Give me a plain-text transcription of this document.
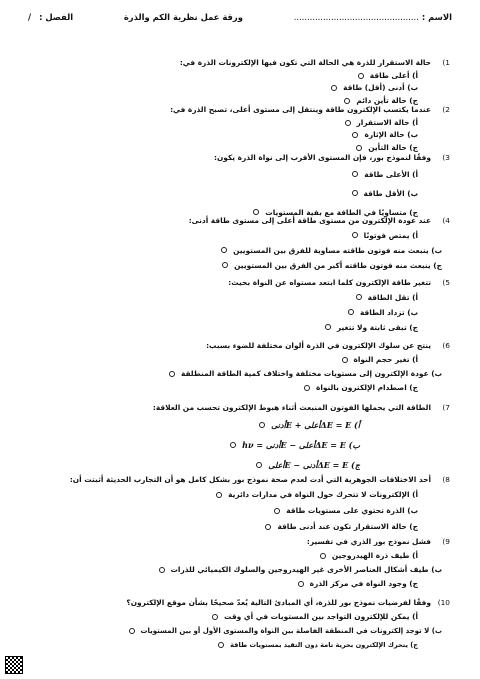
الاسم :
...............................................
ورقة عمل نظرية الكم والذرة
الفصل :
/
(1
حالة الاستقرار للذرة هي الحالة التي تكون فيها الإلكترونات الذرة في:
أ) أعلى طاقة
ب) أدنى (أقل) طاقة
ج) حالة تأين دائم
(2
عندما يكتسب الإلكترون طاقة وينتقل إلى مستوى أعلى، تصبح الذرة في:
أ) حالة الاستقرار
ب) حالة الإثارة
ج) حالة التأين
(3
وفقًا لنموذج بور، فإن المستوى الأقرب إلى نواة الذرة يكون:
أ) الأعلى طاقة
ب) الأقل طاقة
ج) متساويًا في الطاقة مع بقية المستويات
(4
عند عودة الإلكترون من مستوى طاقة أعلى إلى مستوى طاقة أدنى:
أ) يمتص فوتونًا
ب) ينبعث منه فوتون طاقته مساوية للفرق بين المستويين
ج) ينبعث منه فوتون طاقته أكبر من الفرق بين المستويين
(5
تتغير طاقة الإلكترون كلما ابتعد مستواه عن النواة بحيث:
أ) تقل الطاقة
ب) تزداد الطاقة
ج) تبقى ثابتة ولا تتغير
(6
ينتج عن سلوك الإلكترون في الذرة ألوان مختلفة للضوء بسبب:
أ) تغير حجم النواة
ب) عودة الإلكترون إلى مستويات مختلفة واختلاف كمية الطاقة المنطلقة
ج) اصطدام الإلكترون بالنواة
(7
الطاقة التي يحملها الفوتون المنبعث أثناء هبوط الإلكترون تحسب من العلاقة:
أ) ΔE = Eأعلى + Eأدنى
ب) ΔE = Eأعلى − Eأدنى = hν
ج) ΔE = Eأدنى − Eأعلى
(8
أحد الاختلافات الجوهرية التي أدت لعدم صحة نموذج بور بشكل كامل هو أن التجارب الحديثة أثبتت أن:
أ) الإلكترونات لا تتحرك حول النواة في مدارات دائرية
ب) الذرة تحتوي على مستويات طاقة
ج) حالة الاستقرار تكون عند أدنى طاقة
(9
فشل نموذج بور الذري في تفسير:
أ) طيف ذرة الهيدروجين
ب) طيف أشكال العناصر الأخرى غير الهيدروجين والسلوك الكيميائي للذرات
ج) وجود النواة في مركز الذرة
(10
وفقًا لفرضيات نموذج بور للذرة، أي المبادئ التالية يُعدّ صحيحًا بشأن موقع الإلكترون؟
أ) يمكن للإلكترون التواجد بين المستويات في أي وقت
ب) لا توجد إلكترونات في المنطقة الفاصلة بين النواة والمستوى الأول أو بين المستويات
ج) يتحرك الإلكترون بحرية تامة دون التقيد بمستويات طاقة
